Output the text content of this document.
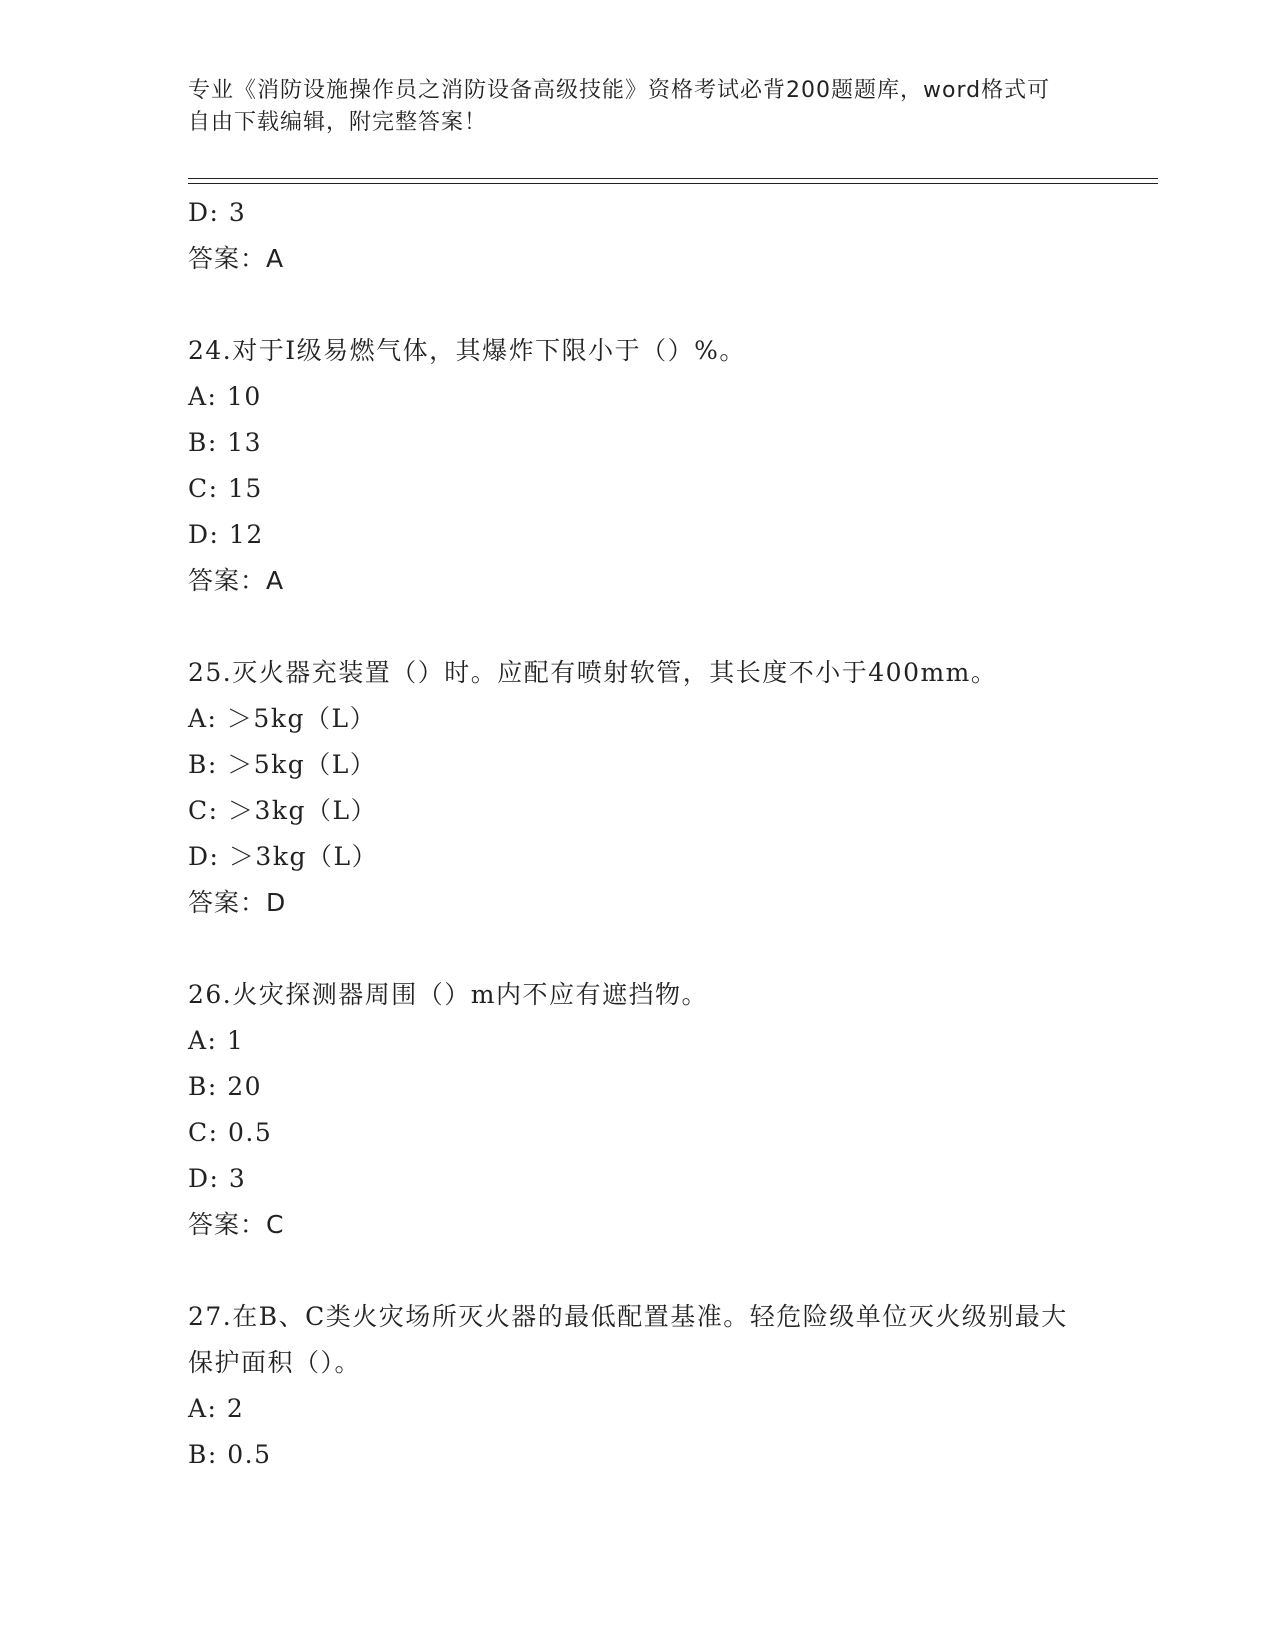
专业《消防设施操作员之消防设备高级技能》资格考试必背200题题库，word格式可自由下载编辑，附完整答案！
D: 3
答案：A
24.对于Ⅰ级易燃气体，其爆炸下限小于（）%。
A: 10
B: 13
C: 15
D: 12
答案：A
25.灭火器充装置（）时。应配有喷射软管，其长度不小于400mm。
A: ＞5kg（L）
B: ＞5kg（L）
C: ＞3kg（L）
D: ＞3kg（L）
答案：D
26.火灾探测器周围（）m内不应有遮挡物。
A: 1
B: 20
C: 0.5
D: 3
答案：C
27.在B、C类火灾场所灭火器的最低配置基准。轻危险级单位灭火级别最大保护面积（）。
A: 2
B: 0.5
